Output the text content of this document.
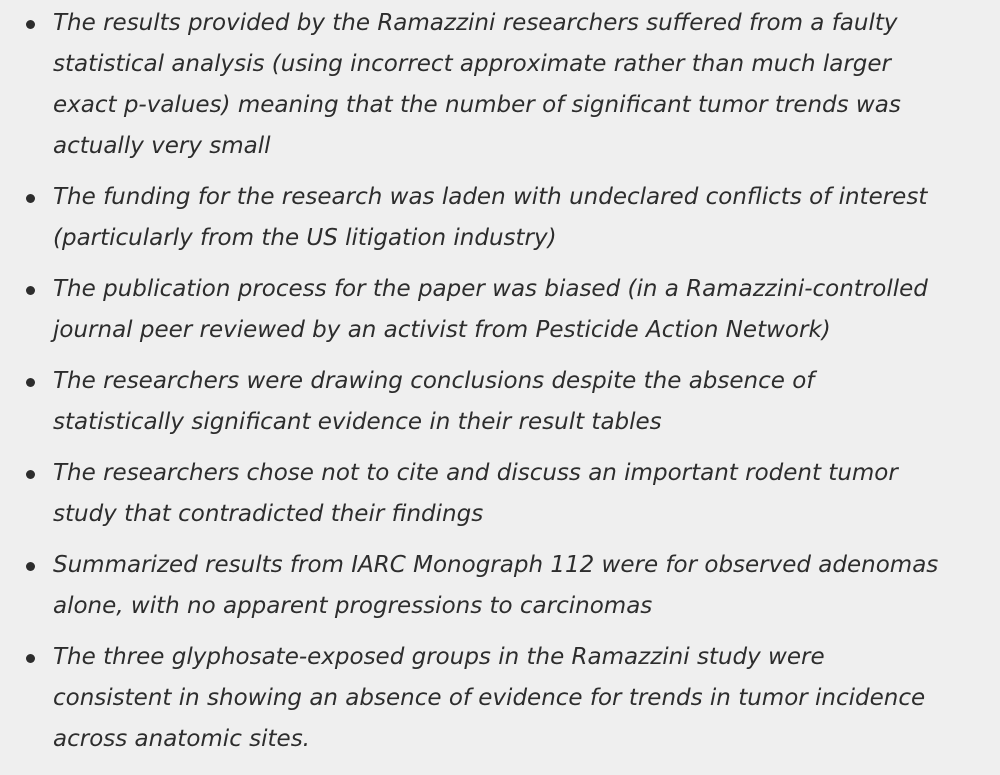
The results provided by the Ramazzini researchers suffered from a faulty statistical analysis (using incorrect approximate rather than much larger exact p-values) meaning that the number of significant tumor trends was actually very small
The funding for the research was laden with undeclared conflicts of interest (particularly from the US litigation industry)
The publication process for the paper was biased (in a Ramazzini-controlled journal peer reviewed by an activist from Pesticide Action Network)
The researchers were drawing conclusions despite the absence of statistically significant evidence in their result tables
The researchers chose not to cite and discuss an important rodent tumor study that contradicted their findings
Summarized results from IARC Monograph 112 were for observed adenomas alone, with no apparent progressions to carcinomas
The three glyphosate-exposed groups in the Ramazzini study were consistent in showing an absence of evidence for trends in tumor incidence across anatomic sites.
